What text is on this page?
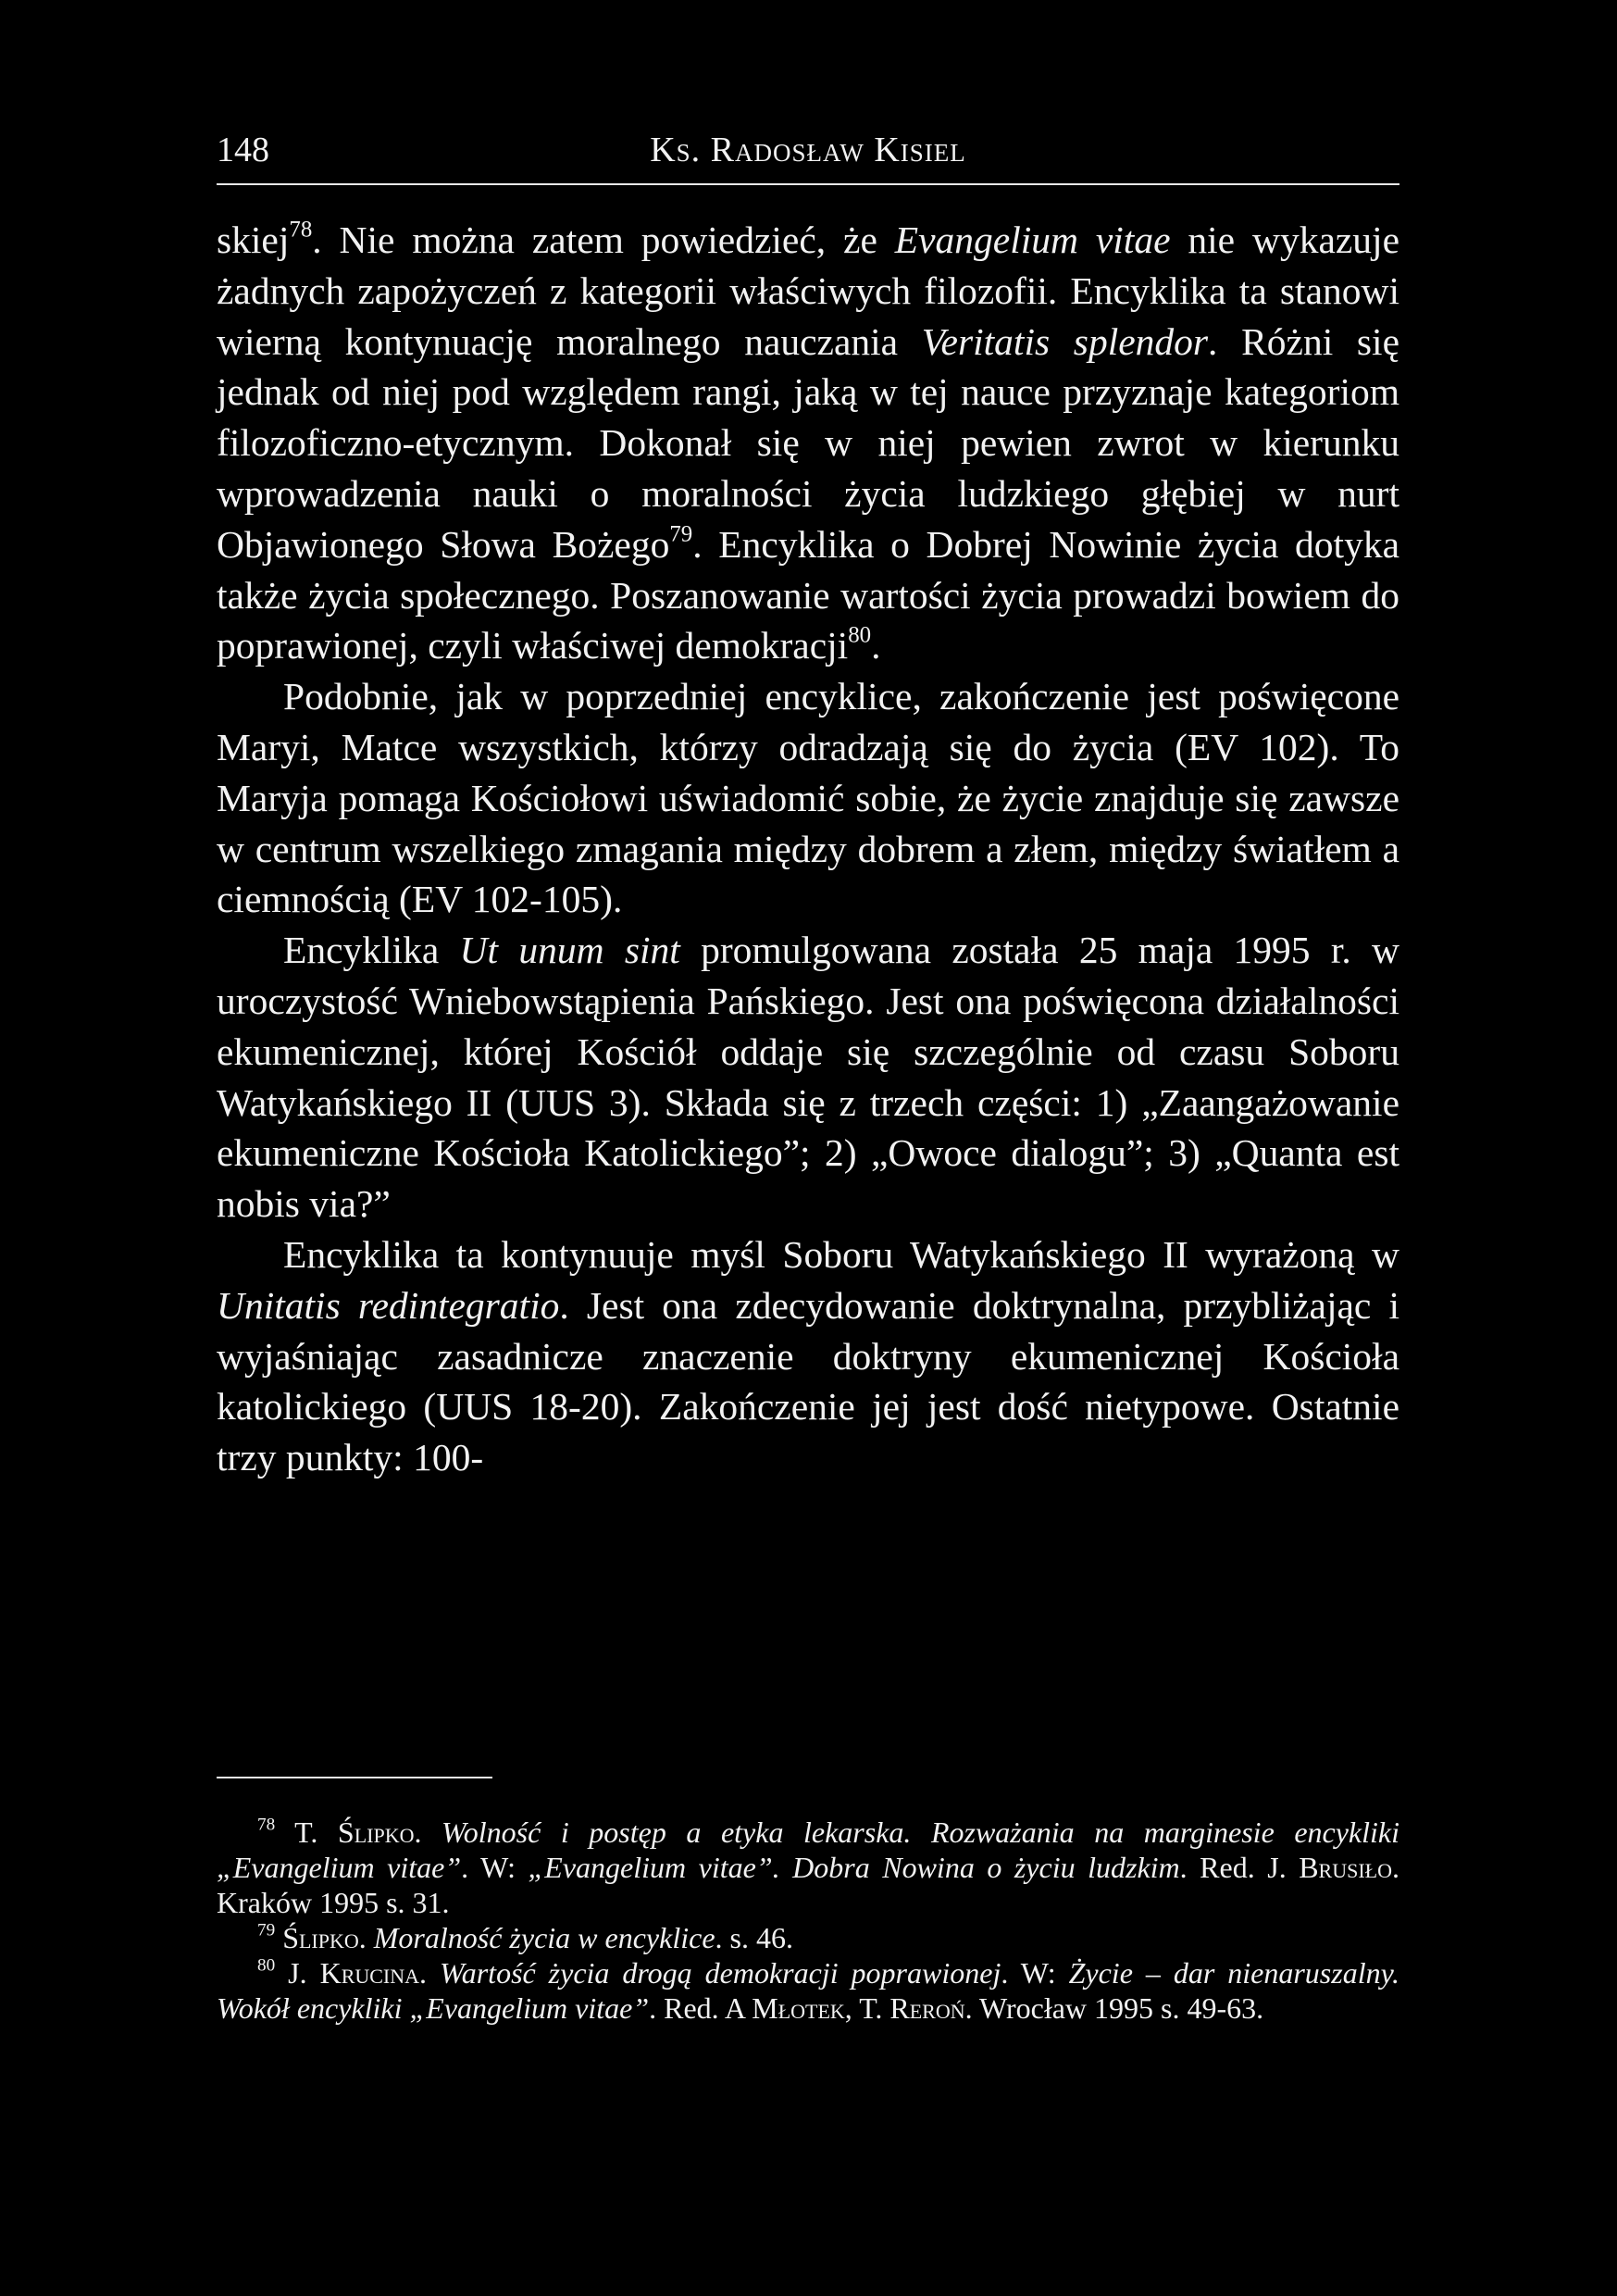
148	Ks. Radosław Kisiel

skiej$^{78}$. Nie można zatem powiedzieć, że Evangelium vitae nie wykazuje żadnych zapożyczeń z kategorii właściwych filozofii. Encyklika ta stanowi wierną kontynuację moralnego nauczania Veritatis splendor. Różni się jednak od niej pod względem rangi, jaką w tej nauce przyznaje kategoriom filozoficzno-etycznym. Dokonał się w niej pewien zwrot w kierunku wprowadzenia nauki o moralności życia ludzkiego głębiej w nurt Objawionego Słowa Bożego$^{79}$. Encyklika o Dobrej Nowinie życia dotyka także życia społecznego. Poszanowanie wartości życia prowadzi bowiem do poprawionej, czyli właściwej demokracji$^{80}$.

Podobnie, jak w poprzedniej encyklice, zakończenie jest poświęcone Maryi, Matce wszystkich, którzy odradzają się do życia (EV 102). To Maryja pomaga Kościołowi uświadomić sobie, że życie znajduje się zawsze w centrum wszelkiego zmagania między dobrem a złem, między światłem a ciemnością (EV 102-105).

Encyklika Ut unum sint promulgowana została 25 maja 1995 r. w uroczystość Wniebowstąpienia Pańskiego. Jest ona poświęcona działalności ekumenicznej, której Kościół oddaje się szczególnie od czasu Soboru Watykańskiego II (UUS 3). Składa się z trzech części: 1) „Zaangażowanie ekumeniczne Kościoła Katolickiego”; 2) „Owoce dialogu”; 3) „Quanta est nobis via?”

Encyklika ta kontynuuje myśl Soboru Watykańskiego II wyrażoną w Unitatis redintegratio. Jest ona zdecydowanie doktrynalna, przybliżając i wyjaśniając zasadnicze znaczenie doktryny ekumenicznej Kościoła katolickiego (UUS 18-20). Zakończenie jej jest dość nietypowe. Ostatnie trzy punkty: 100-

$^{78}$ T. Ślipko. Wolność i postęp a etyka lekarska. Rozważania na marginesie encykliki „Evangelium vitae”. W: „Evangelium vitae”. Dobra Nowina o życiu ludzkim. Red. J. Brusiło. Kraków 1995 s. 31.

$^{79}$ Ślipko. Moralność życia w encyklice. s. 46.

$^{80}$ J. Krucina. Wartość życia drogą demokracji poprawionej. W: Życie – dar nienaruszalny. Wokół encykliki „Evangelium vitae”. Red. A Młotek, T. Reroń. Wrocław 1995 s. 49-63.
